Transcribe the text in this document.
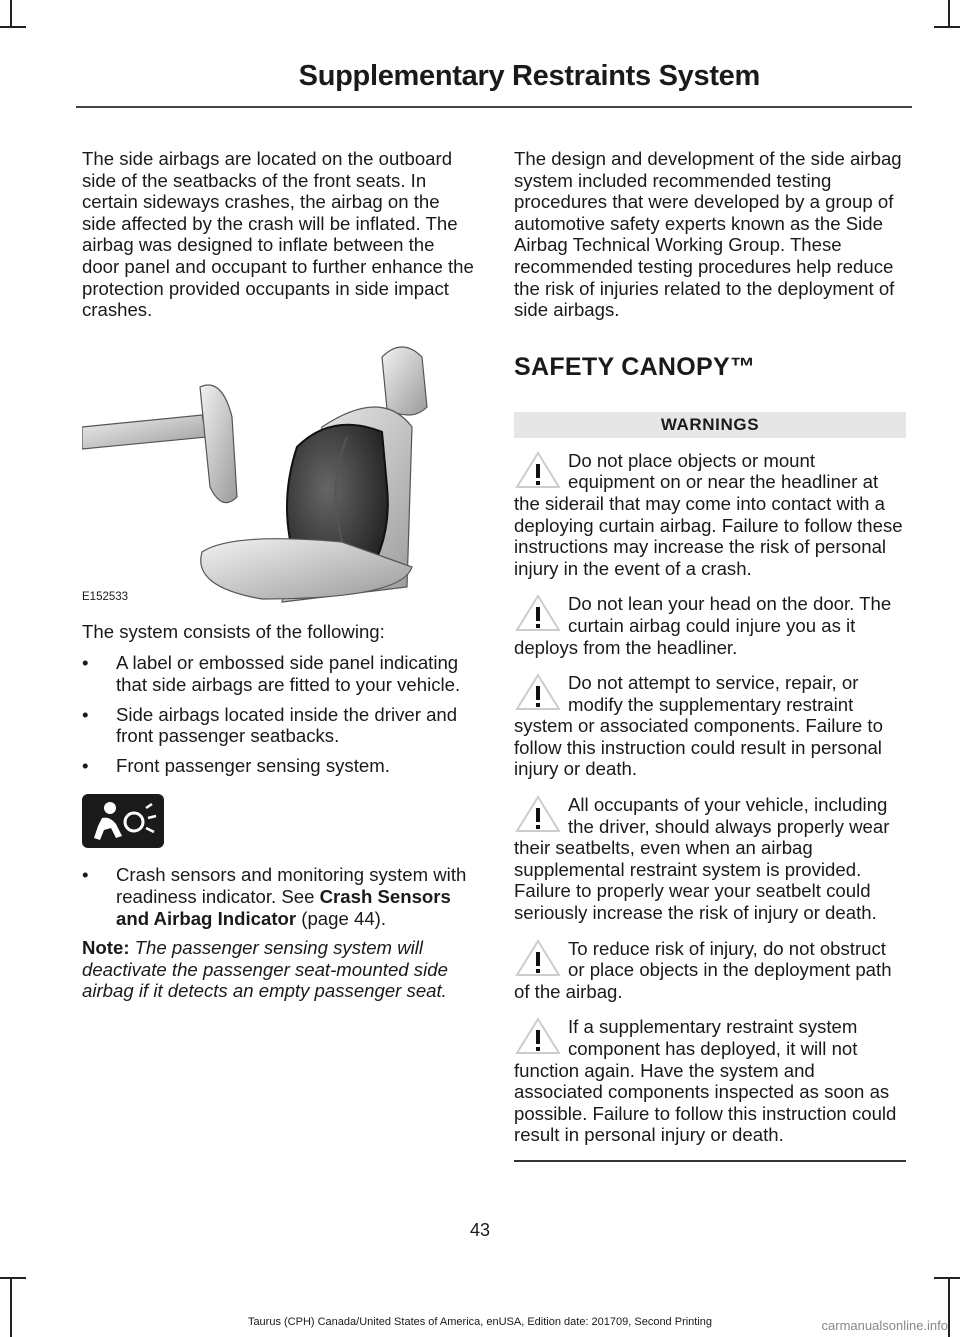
Supplementary Restraints System

The side airbags are located on the outboard side of the seatbacks of the front seats. In certain sideways crashes, the airbag on the side affected by the crash will be inflated. The airbag was designed to inflate between the door panel and occupant to further enhance the protection provided occupants in side impact crashes.

E152533

The system consists of the following:

• A label or embossed side panel indicating that side airbags are fitted to your vehicle.
• Side airbags located inside the driver and front passenger seatbacks.
• Front passenger sensing system.
• Crash sensors and monitoring system with readiness indicator. See Crash Sensors and Airbag Indicator (page 44).

Note: The passenger sensing system will deactivate the passenger seat-mounted side airbag if it detects an empty passenger seat.

The design and development of the side airbag system included recommended testing procedures that were developed by a group of automotive safety experts known as the Side Airbag Technical Working Group. These recommended testing procedures help reduce the risk of injuries related to the deployment of side airbags.

SAFETY CANOPY™
WARNINGS

Do not place objects or mount equipment on or near the headliner at the siderail that may come into contact with a deploying curtain airbag. Failure to follow these instructions may increase the risk of personal injury in the event of a crash.

Do not lean your head on the door. The curtain airbag could injure you as it deploys from the headliner.

Do not attempt to service, repair, or modify the supplementary restraint system or associated components. Failure to follow this instruction could result in personal injury or death.

All occupants of your vehicle, including the driver, should always properly wear their seatbelts, even when an airbag supplemental restraint system is provided. Failure to properly wear your seatbelt could seriously increase the risk of injury or death.

To reduce risk of injury, do not obstruct or place objects in the deployment path of the airbag.

If a supplementary restraint system component has deployed, it will not function again. Have the system and associated components inspected as soon as possible. Failure to follow this instruction could result in personal injury or death.

43
Taurus (CPH) Canada/United States of America, enUSA, Edition date: 201709, Second Printing	carmanualsonline.info
